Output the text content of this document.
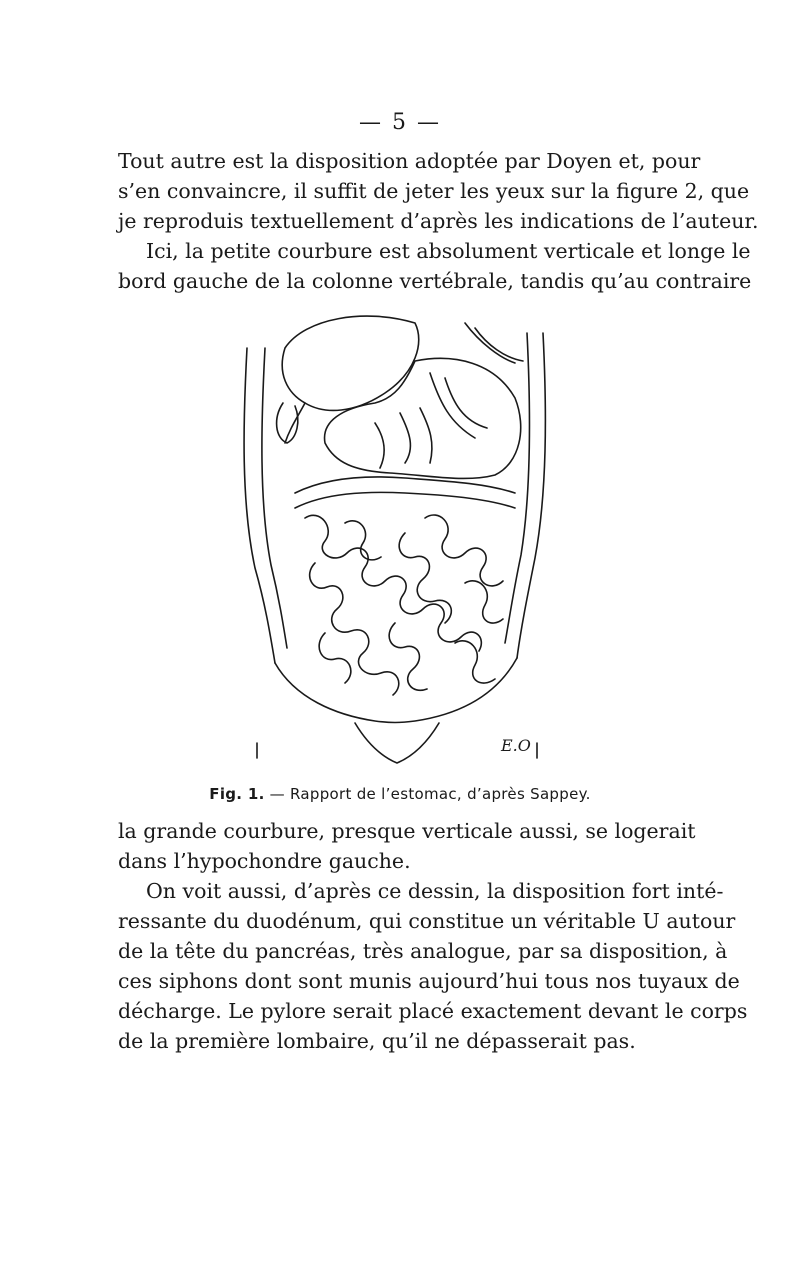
— 5 —
Tout autre est la disposition adoptée par Doyen et, pour
s’en convaincre, il suffit de jeter les yeux sur la figure 2, que
je reproduis textuellement d’après les indications de l’auteur.
Ici, la petite courbure est absolument verticale et longe le
bord gauche de la colonne vertébrale, tandis qu’au contraire
E.O
Fig. 1. — Rapport de l’estomac, d’après Sappey.
la grande courbure, presque verticale aussi, se logerait
dans l’hypochondre gauche.
On voit aussi, d’après ce dessin, la disposition fort inté-
ressante du duodénum, qui constitue un véritable U autour
de la tête du pancréas, très analogue, par sa disposition, à
ces siphons dont sont munis aujourd’hui tous nos tuyaux de
décharge. Le pylore serait placé exactement devant le corps
de la première lombaire, qu’il ne dépasserait pas.
